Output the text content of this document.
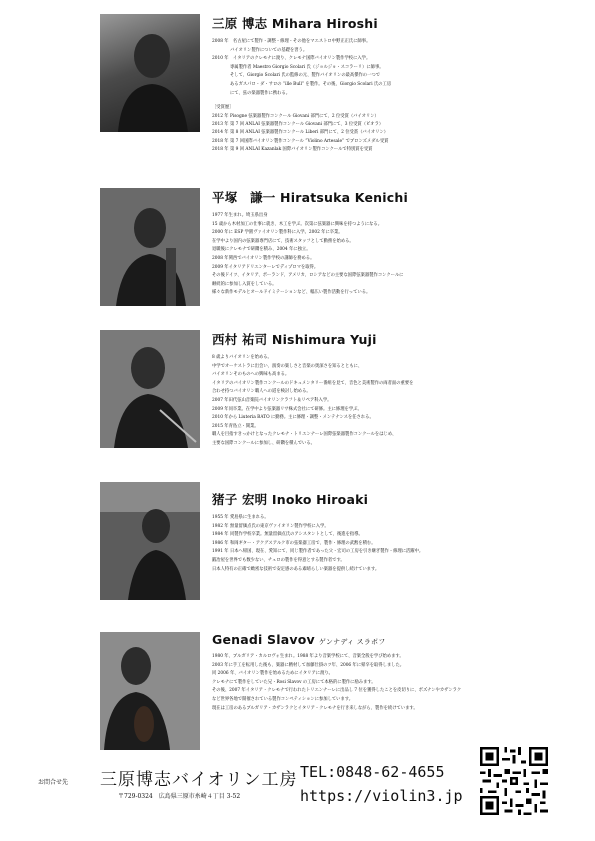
三原 博志 Mihara Hiroshi

2008 年　名古屋にて製作・調整・修理・その他をマエストロ中野正正氏に師事。

バイオリン製作についての基礎を習う。

2010 年　イタリアのクレモナに渡り、クレモナ国際バイオリン製作学校に入学。

専属製作者 Maestro Giorgio Scolari 氏（ジョルジョ・スコラーリ）に師事。

そして、Giorgio Scolari 氏の監修の元、製作バイオリンの最高傑作の一つで

あるガスパロ・ダ・サロの “ille Bull” を製作。その後、Giorgio Scolari 氏の工房

にて、弦の楽器製作に携わる。

［受賞歴］

2012 年 Pisogne 弦楽器製作コンクール Giovani 部門にて、2 位受賞（バイオリン）

2013 年 第 7 回 ANLAI 弦楽器製作コンクール Giovani 部門にて、3 位受賞（ビオラ）

2014 年 第 8 回 ANLAI 弦楽器製作コンクール Liberi 部門にて、2 位受賞（バイオリン）

2018 年 第 7 回国際バイオリン製作コンクール “Violino Artesale” でブロンズメダル受賞

2018 年 第 9 回 ANLAI Kazanlak 国際バイオリン製作コンクールで特別賞を受賞

平塚　謙一 Hiratsuka Kenichi

1977 年生まれ。埼玉県出身

15 歳から木材加工の仕事に就き、木工を学ぶ。次第に弦楽器に興味を持つようになる。

2000 年に ESP 学園ヴァイオリン製作科に入学。2002 年に卒業。

在学中より国内の弦楽器専門店にて、技術スタッフとして勤務を始める。

退職後にクレモナで研鑽を積み、2004 年に独立。

2008 年関西でバイオリン製作学校の講師を務める。

2009 年イタリアドリエンターレでディプロマを取得。

その後ドイツ、イタリア、ポーランド、アメリカ、ロシアなどの主要な国際弦楽器製作コンクールに

継続的に参加し入賞をしている。

様々な新作モデルとオールドイミテーションなど、幅広い製作活動を行っている。

西村 祐司 Nishimura Yuji

8 歳よりバイオリンを始める。

中学でオーケストラに出会い、演奏の楽しさと音楽の奥深さを知るとともに、

バイオリンそのものへの興味も高まる。

イタリアのバイオリン製作コンクールのドキュメンタリー番組を見て、音色と美術製作の両者面の重要を

合わせ持つバイオリン職人への道を検討し始める。

2007 年田代弦山音楽院バイオリンクラフト＆リペア科入学。

2009 年同卒業。在学中より弦楽器リサ株式会社にて研修。主に修理を学ぶ。

2010 年から Liuteria BATO に勤務。主に修理・調整・メンテナンスを任される。

2015 年青島立・開業。

職人を目指すきっかけとなったクレモナ・トリエンナーレ国際弦楽器製作コンクールをはじめ、

主要な国際コンクールに参加し、研鑽を積んでいる。

猪子 宏明 Inoko Hiroaki

1955 年 愛島県に生まれる。

1982 年 無量留価点氏の東京ヴァイオリン製作学校に入学。

1984 年 同製作学校卒業。無量留価点氏のアシスタントとして、後進を指導。

1986 年 和岡ギター・アクグスアルク市の弦楽器工房で、製作・修理の武勲を積む。

1991 年 日本へ帰国、現在、愛知にて、同じ製作者であった父・宏司の工房を引き継ぎ製作・修理に活躍中。

鍛冶屋を世界でも数少ない、チェロの製作を得意とする製作者です。

日本人特有の正確で緻密な技術で安定感のある素晴らしい楽器を提供し続けています。

Genadi Slavov ゲンナディ スラボフ

1980 年、ブルガリア・カルロヴォ生まれ。1988 年より音楽学校にて、音楽全般を学び始めます。

2003 年に手工を転用した後も、楽器に精材して加藤仕掛のツ年、2006 年に帰卒を取得しました。

同 2006 年、バイオリン製作を始めるためにイタリアに渡り。

クレモナにて製作をしていた兄・Rosi Slavov の工房にて本格的に製作に励みます。

その後、2007 年イタリア・クレモナで行われたトリエンナーレに出品し 7 位を獲得したことを皮切りに、ボズナンやカザンラク

など世界各地で開催されている製作コンペティションに参加しています。

現在は工房のあるブルガリア・カザンラクとイタリア・クレモナを行き来しながら、製作を続けています。

お問合せ先 三原博志バイオリン工房
〒729-0324　広島県三原市糸崎４丁目 3-52
TEL:0848-62-4655
https://violin3.jp
